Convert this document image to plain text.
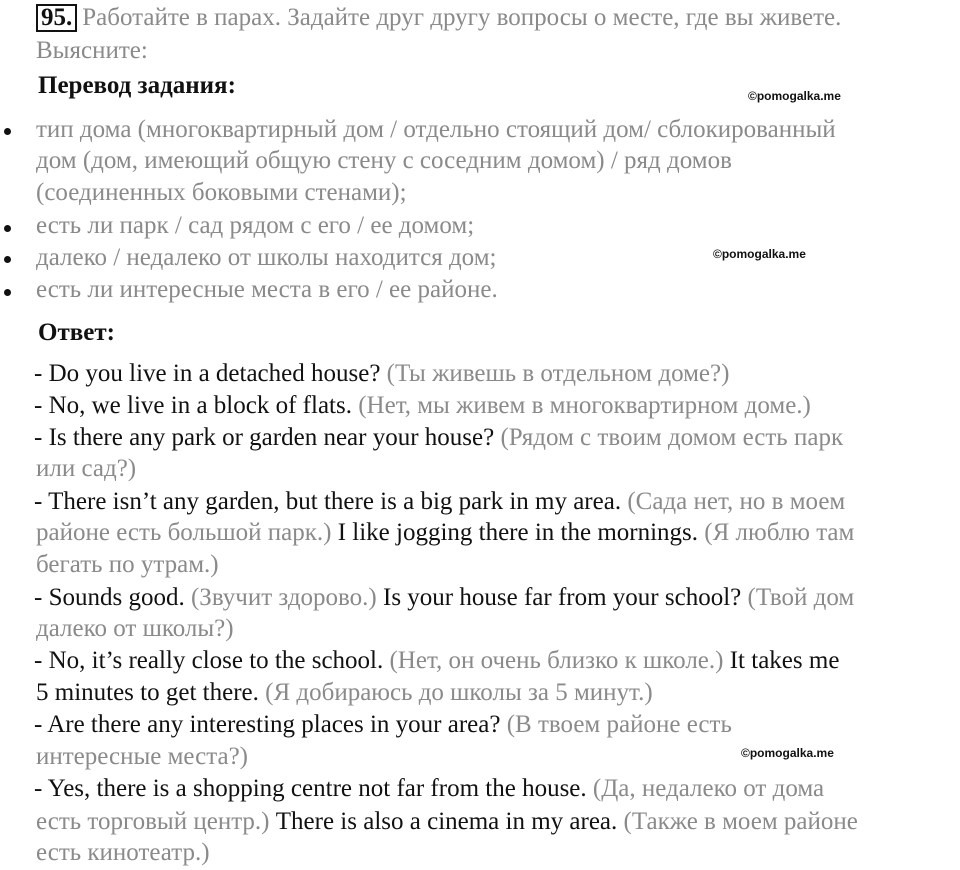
95. Работайте в парах. Задайте друг другу вопросы о месте, где вы живете.
Выясните:
Перевод задания:	©pomogalka.me
тип дома (многоквартирный дом / отдельно стоящий дом/ сблокированный
дом (дом, имеющий общую стену с соседним домом) / ряд домов
(соединенных боковыми стенами);
есть ли парк / сад рядом с его / ее домом;
далеко / недалеко от школы находится дом;	©pomogalka.me
есть ли интересные места в его / ее районе.
Ответ:
- Do you live in a detached house? (Ты живешь в отдельном доме?)
- No, we live in a block of flats. (Нет, мы живем в многоквартирном доме.)
- Is there any park or garden near your house? (Рядом с твоим домом есть парк
или сад?)
- There isn’t any garden, but there is a big park in my area. (Сада нет, но в моем
районе есть большой парк.) I like jogging there in the mornings. (Я люблю там
бегать по утрам.)
- Sounds good. (Звучит здорово.) Is your house far from your school? (Твой дом
далеко от школы?)
- No, it’s really close to the school. (Нет, он очень близко к школе.) It takes me
5 minutes to get there. (Я добираюсь до школы за 5 минут.)
- Are there any interesting places in your area? (В твоем районе есть
интересные места?)	©pomogalka.me
- Yes, there is a shopping centre not far from the house. (Да, недалеко от дома
есть торговый центр.) There is also a cinema in my area. (Также в моем районе
есть кинотеатр.)
